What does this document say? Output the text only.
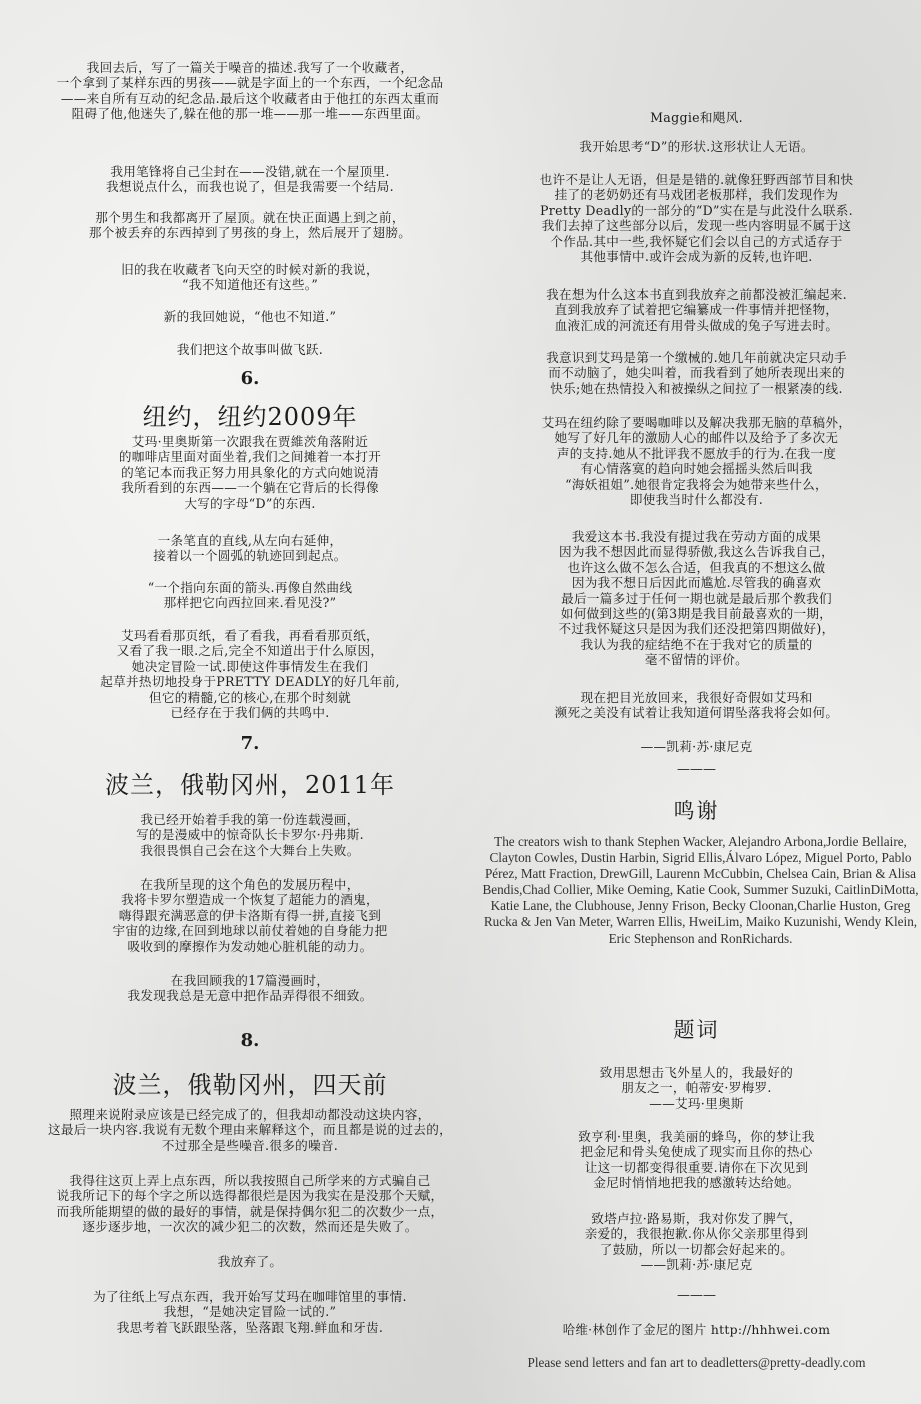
我回去后，写了一篇关于噪音的描述.我写了一个收藏者，
一个拿到了某样东西的男孩——就是字面上的一个东西，一个纪念品
——来自所有互动的纪念品.最后这个收藏者由于他扛的东西太重而
阻碍了他,他迷失了,躲在他的那一堆——那一堆——东西里面。
我用笔锋将自己尘封在——没错,就在一个屋顶里.
我想说点什么，而我也说了，但是我需要一个结局.
那个男生和我都离开了屋顶。就在快正面遇上到之前，
那个被丢弃的东西掉到了男孩的身上，然后展开了翅膀。
旧的我在收藏者飞向天空的时候对新的我说，
“我不知道他还有这些。”
新的我回她说，“他也不知道.”
我们把这个故事叫做飞跃.
6.
纽约，纽约2009年
艾玛·里奥斯第一次跟我在贾維茨角落附近
的咖啡店里面对面坐着,我们之间摊着一本打开
的笔记本而我正努力用具象化的方式向她说清
我所看到的东西——一个躺在它背后的长得像
大写的字母“D”的东西.
一条笔直的直线,从左向右延伸，
接着以一个圆弧的轨迹回到起点。
“一个指向东面的箭头.再像自然曲线
那样把它向西拉回来.看见没?”
艾玛看看那页纸，看了看我，再看看那页纸，
又看了我一眼.之后,完全不知道出于什么原因，
她决定冒险一试.即使这件事情发生在我们
起草并热切地投身于PRETTY DEADLY的好几年前,
但它的精髓,它的核心,在那个时刻就
已经存在于我们俩的共鸣中.
7.
波兰，俄勒冈州，2011年
我已经开始着手我的第一份连载漫画，
写的是漫威中的惊奇队长卡罗尔·丹弗斯.
我很畏惧自己会在这个大舞台上失败。
在我所呈现的这个角色的发展历程中，
我将卡罗尔塑造成一个恢复了超能力的酒鬼，
嗨得跟充满恶意的伊卡洛斯有得一拼,直接飞到
宇宙的边缘,在回到地球以前仗着她的自身能力把
吸收到的摩擦作为发动她心脏机能的动力。
在我回顾我的17篇漫画时，
我发现我总是无意中把作品弄得很不细致。
8.
波兰，俄勒冈州，四天前
照理来说附录应该是已经完成了的，但我却动都没动这块内容，
这最后一块内容.我说有无数个理由来解释这个，而且都是说的过去的，
不过那全是些噪音.很多的噪音.
我得往这页上弄上点东西，所以我按照自己所学来的方式骗自己
说我所记下的每个字之所以选得都很烂是因为我实在是没那个天赋，
而我所能期望的做的最好的事情，就是保持偶尔犯二的次数少一点，
逐步逐步地，一次次的减少犯二的次数，然而还是失败了。
我放弃了。
为了往纸上写点东西，我开始写艾玛在咖啡馆里的事情.
我想，“是她决定冒险一试的.”
我思考着飞跃跟坠落，坠落跟飞翔.鲜血和牙齿.
Maggie和飓风.
我开始思考“D”的形状.这形状让人无语。
也许不是让人无语，但是是错的.就像狂野西部节目和快
挂了的老奶奶还有马戏团老板那样，我们发现作为
Pretty Deadly的一部分的“D”实在是与此没什么联系.
我们去掉了这些部分以后，发现一些内容明显不属于这
个作品.其中一些,我怀疑它们会以自己的方式适存于
其他事情中.或许会成为新的反转,也许吧.
我在想为什么这本书直到我放弃之前都没被汇编起来.
直到我放弃了试着把它编纂成一件事情并把怪物，
血液汇成的河流还有用骨头做成的兔子写进去时。
我意识到艾玛是第一个缴械的.她几年前就决定只动手
而不动脑了，她尖叫着，而我看到了她所表现出来的
快乐;她在热情投入和被操纵之间拉了一根紧凑的线.
艾玛在纽约除了要喝咖啡以及解决我那无脑的草稿外，
她写了好几年的激励人心的邮件以及给予了多次无
声的支持.她从不批评我不愿放手的行为.在我一度
有心情落寞的趋向时她会摇摇头然后叫我
“海妖祖姐”.她很肯定我将会为她带来些什么，
即使我当时什么都没有.
我爱这本书.我没有提过我在劳动方面的成果
因为我不想因此而显得骄傲,我这么告诉我自己，
也许这么做不怎么合适，但我真的不想这么做
因为我不想日后因此而尴尬.尽管我的确喜欢
最后一篇多过于任何一期也就是最后那个教我们
如何做到这些的(第3期是我目前最喜欢的一期，
不过我怀疑这只是因为我们还没把第四期做好)，
我认为我的症结绝不在于我对它的质量的
毫不留情的评价。
现在把目光放回来，我很好奇假如艾玛和
濒死之美没有试着让我知道何谓坠落我将会如何。
——凯莉·苏·康尼克
———
鸣谢
The creators wish to thank Stephen Wacker, Alejandro Arbona,Jordie Bellaire, Clayton Cowles, Dustin Harbin, Sigrid Ellis,Álvaro López, Miguel Porto, Pablo Pérez, Matt Fraction, DrewGill, Laurenn McCubbin, Chelsea Cain, Brian & Alisa Bendis,Chad Collier, Mike Oeming, Katie Cook, Summer Suzuki, CaitlinDiMotta, Katie Lane, the Clubhouse, Jenny Frison, Becky Cloonan,Charlie Huston, Greg Rucka & Jen Van Meter, Warren Ellis, HweiLim, Maiko Kuzunishi, Wendy Klein, Eric Stephenson and RonRichards.
题词
致用思想击飞外星人的，我最好的
朋友之一，帕蒂安·罗梅罗.
——艾玛·里奥斯
致亨利·里奥，我美丽的蜂鸟，你的梦让我
把金尼和骨头兔使成了现实而且你的热心
让这一切都变得很重要.请你在下次见到
金尼时悄悄地把我的感激转达给她。
致塔卢拉·路易斯，我对你发了脾气，
亲爱的，我很抱歉.你从你父亲那里得到
了鼓励，所以一切都会好起来的。
——凯莉·苏·康尼克
———
哈维·林创作了金尼的图片 http://hhhwei.com
Please send letters and fan art to deadletters@pretty-deadly.com
